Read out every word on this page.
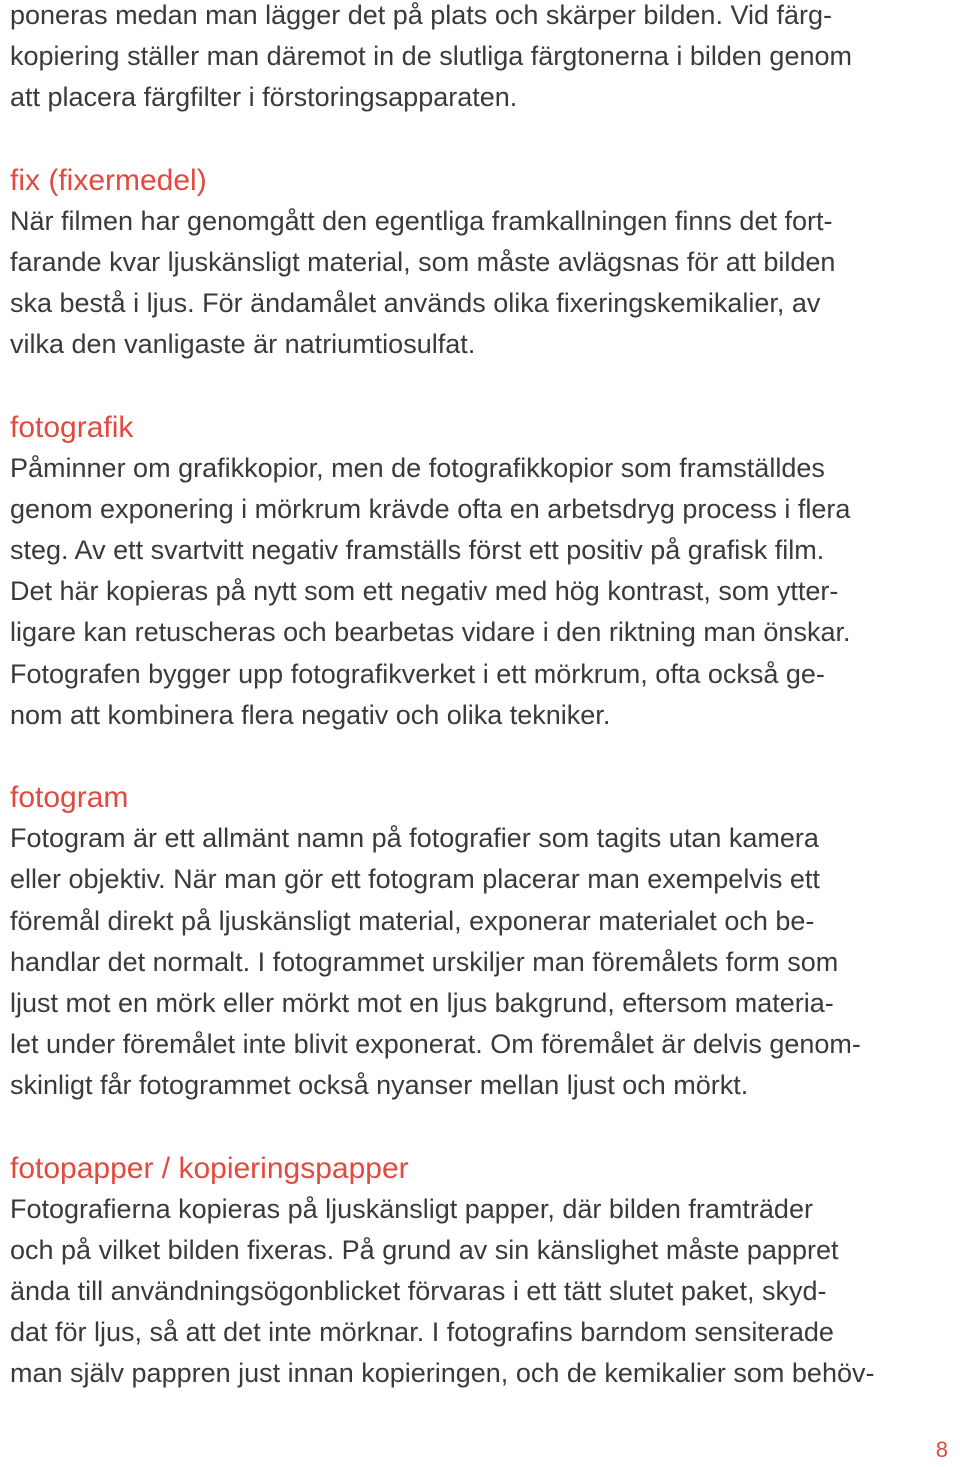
poneras medan man lägger det på plats och skärper bilden. Vid färg-
kopiering ställer man däremot in de slutliga färgtonerna i bilden genom
att placera färgfilter i förstoringsapparaten.
fix (fixermedel)
När filmen har genomgått den egentliga framkallningen finns det fort-
farande kvar ljuskänsligt material, som måste avlägsnas för att bilden
ska bestå i ljus. För ändamålet används olika fixeringskemikalier, av
vilka den vanligaste är natriumtiosulfat.
fotografik
Påminner om grafikkopior, men de fotografikkopior som framställdes
genom exponering i mörkrum krävde ofta en arbetsdryg process i flera
steg. Av ett svartvitt negativ framställs först ett positiv på grafisk film.
Det här kopieras på nytt som ett negativ med hög kontrast, som ytter-
ligare kan retuscheras och bearbetas vidare i den riktning man önskar.
Fotografen bygger upp fotografikverket i ett mörkrum, ofta också ge-
nom att kombinera flera negativ och olika tekniker.
fotogram
Fotogram är ett allmänt namn på fotografier som tagits utan kamera
eller objektiv. När man gör ett fotogram placerar man exempelvis ett
föremål direkt på ljuskänsligt material, exponerar materialet och be-
handlar det normalt. I fotogrammet urskiljer man föremålets form som
ljust mot en mörk eller mörkt mot en ljus bakgrund, eftersom materia-
let under föremålet inte blivit exponerat. Om föremålet är delvis genom-
skinligt får fotogrammet också nyanser mellan ljust och mörkt.
fotopapper / kopieringspapper
Fotografierna kopieras på ljuskänsligt papper, där bilden framträder
och på vilket bilden fixeras. På grund av sin känslighet måste pappret
ända till användningsögonblicket förvaras i ett tätt slutet paket, skyd-
dat för ljus, så att det inte mörknar. I fotografins barndom sensiterade
man själv pappren just innan kopieringen, och de kemikalier som behöv-
8
